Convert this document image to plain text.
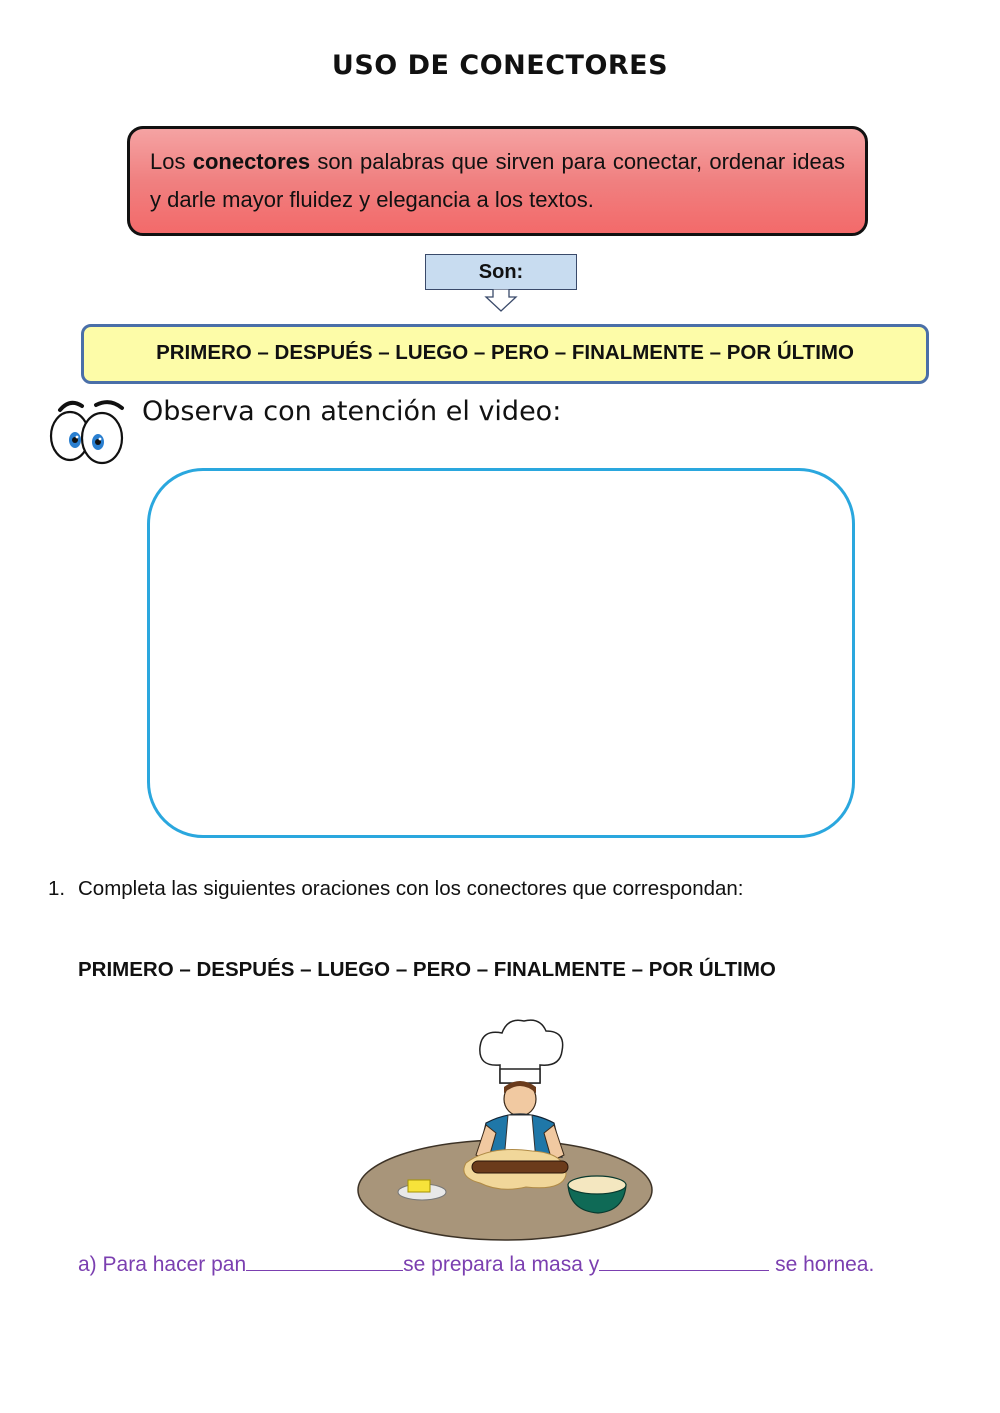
USO DE CONECTORES
Los conectores son palabras que sirven para conectar, ordenar ideas y darle mayor fluidez y elegancia a los textos.
Son:
PRIMERO – DESPUÉS – LUEGO – PERO – FINALMENTE – POR ÚLTIMO
Observa con atención el video:
1. Completa las siguientes oraciones con los conectores que correspondan:
PRIMERO – DESPUÉS – LUEGO – PERO – FINALMENTE – POR ÚLTIMO
a) Para hacer pan	se prepara la masa y	se hornea.
